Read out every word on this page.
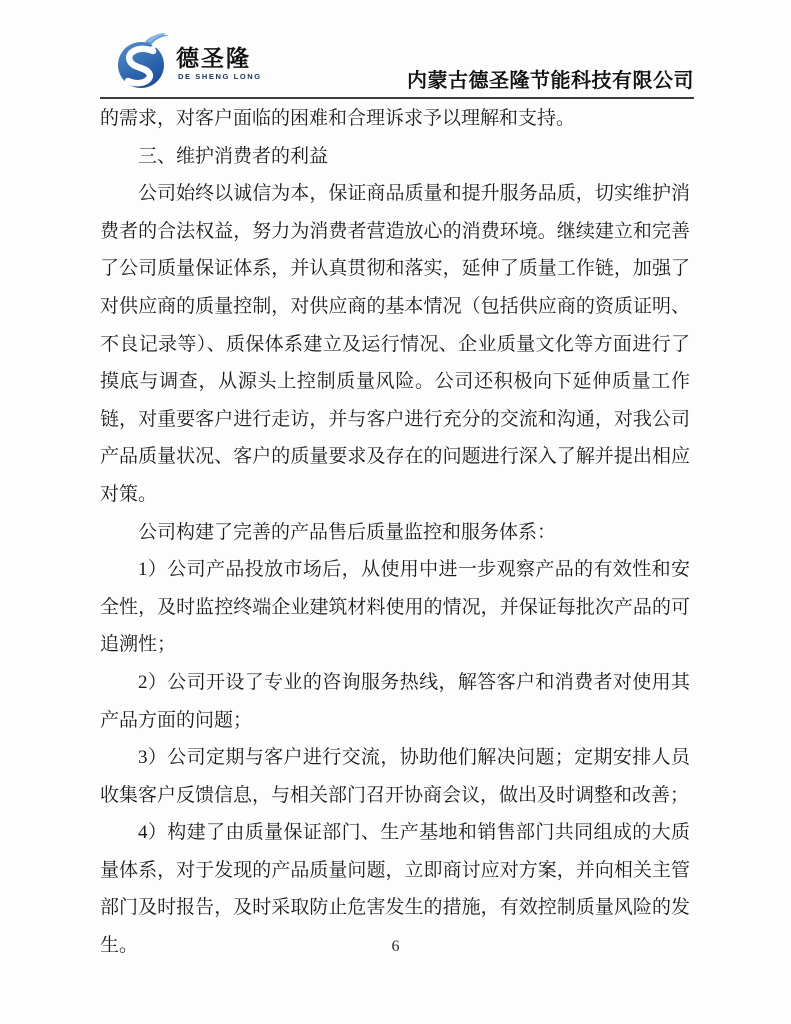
德圣隆
DE SHENG LONG	内蒙古德圣隆节能科技有限公司

的需求，对客户面临的困难和合理诉求予以理解和支持。

三、维护消费者的利益

公司始终以诚信为本，保证商品质量和提升服务品质，切实维护消费者的合法权益，努力为消费者营造放心的消费环境。继续建立和完善了公司质量保证体系，并认真贯彻和落实，延伸了质量工作链，加强了对供应商的质量控制，对供应商的基本情况（包括供应商的资质证明、不良记录等）、质保体系建立及运行情况、企业质量文化等方面进行了摸底与调查，从源头上控制质量风险。公司还积极向下延伸质量工作链，对重要客户进行走访，并与客户进行充分的交流和沟通，对我公司产品质量状况、客户的质量要求及存在的问题进行深入了解并提出相应对策。

公司构建了完善的产品售后质量监控和服务体系：

1）公司产品投放市场后，从使用中进一步观察产品的有效性和安全性，及时监控终端企业建筑材料使用的情况，并保证每批次产品的可追溯性；

2）公司开设了专业的咨询服务热线，解答客户和消费者对使用其产品方面的问题；

3）公司定期与客户进行交流，协助他们解决问题；定期安排人员收集客户反馈信息，与相关部门召开协商会议，做出及时调整和改善；

4）构建了由质量保证部门、生产基地和销售部门共同组成的大质量体系，对于发现的产品质量问题，立即商讨应对方案，并向相关主管部门及时报告，及时采取防止危害发生的措施，有效控制质量风险的发生。	6
